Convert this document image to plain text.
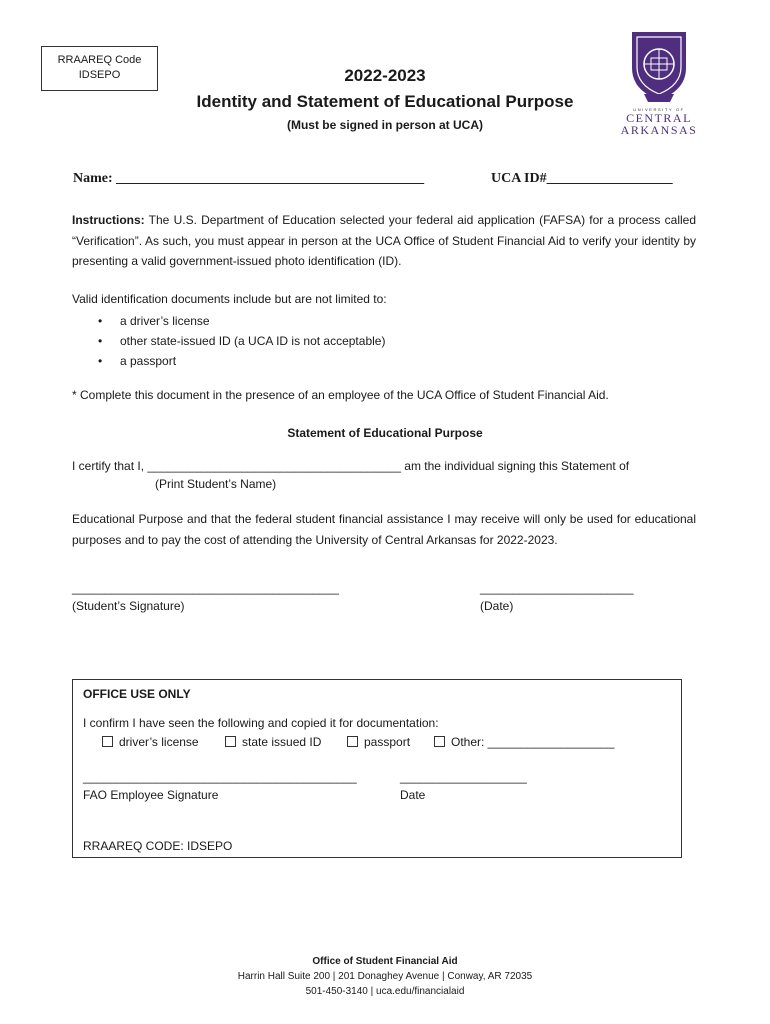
RRAAREQ Code
IDSEPO	2022-2023
Identity and Statement of Educational Purpose
(Must be signed in person at UCA)
UNIVERSITY OF
CENTRAL
ARKANSAS
Name: ____________________________________________	UCA ID#__________________
Instructions: The U.S. Department of Education selected your federal aid application (FAFSA) for a process called “Verification”. As such, you must appear in person at the UCA Office of Student Financial Aid to verify your identity by presenting a valid government-issued photo identification (ID).
Valid identification documents include but are not limited to:
• a driver’s license
• other state-issued ID (a UCA ID is not acceptable)
• a passport
* Complete this document in the presence of an employee of the UCA Office of Student Financial Aid.
Statement of Educational Purpose
I certify that I, ______________________________________ am the individual signing this Statement of
(Print Student’s Name)
Educational Purpose and that the federal student financial assistance I may receive will only be used for educational purposes and to pay the cost of attending the University of Central Arkansas for 2022-2023.
________________________________________
(Student’s Signature)
_______________________
(Date)
OFFICE USE ONLY
I confirm I have seen the following and copied it for documentation:
driver’s license	state issued ID	passport	Other: ___________________
_________________________________________
FAO Employee Signature
___________________
Date
RRAAREQ CODE: IDSEPO
Office of Student Financial Aid
Harrin Hall Suite 200 | 201 Donaghey Avenue | Conway, AR 72035
501-450-3140 | uca.edu/financialaid
